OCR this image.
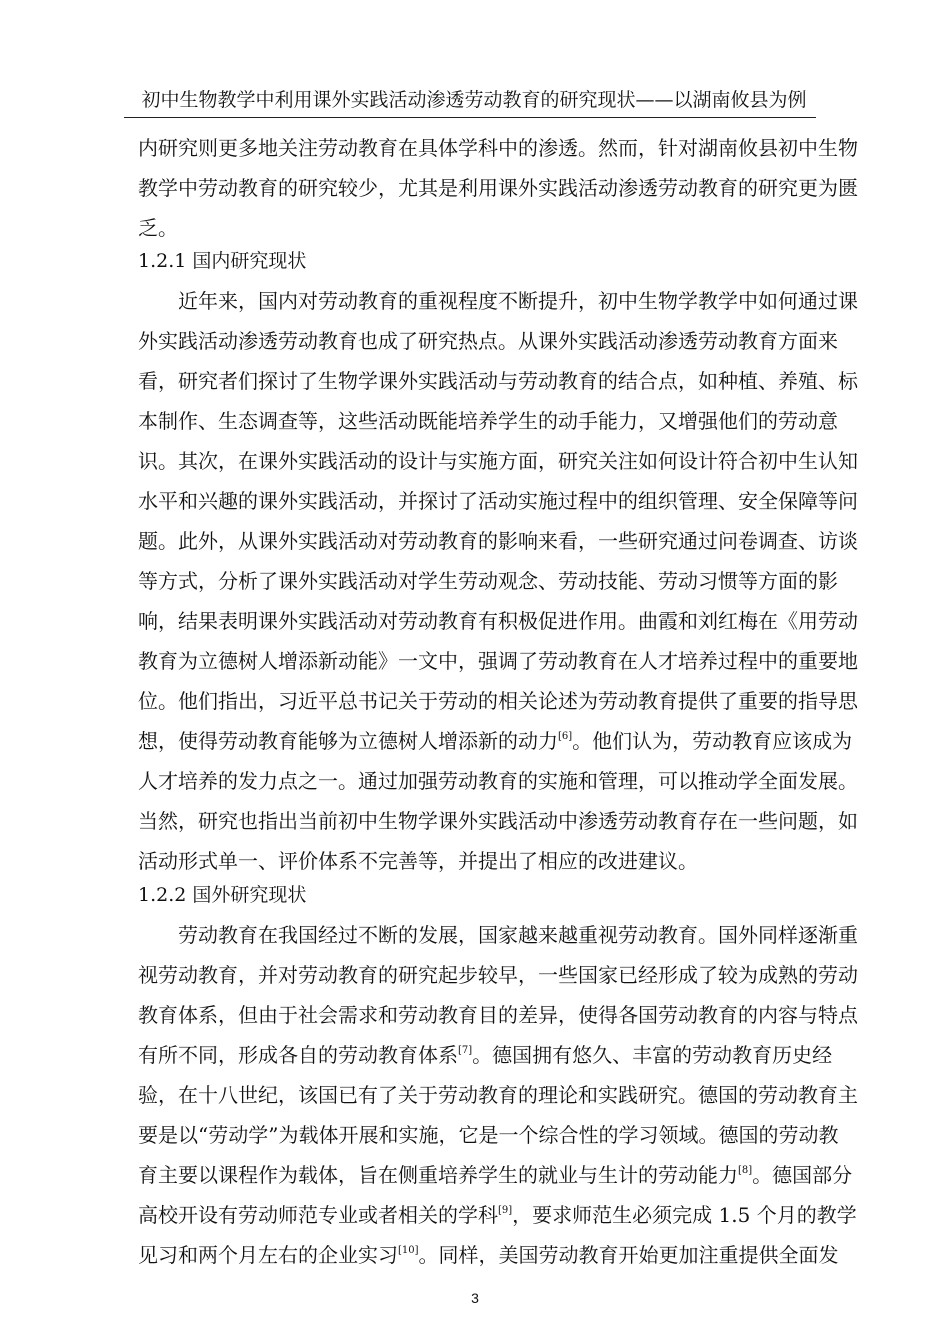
初中生物教学中利用课外实践活动渗透劳动教育的研究现状——以湖南攸县为例
内研究则更多地关注劳动教育在具体学科中的渗透。然而，针对湖南攸县初中生物
教学中劳动教育的研究较少，尤其是利用课外实践活动渗透劳动教育的研究更为匮
乏。
1.2.1 国内研究现状
近年来，国内对劳动教育的重视程度不断提升，初中生物学教学中如何通过课
外实践活动渗透劳动教育也成了研究热点。从课外实践活动渗透劳动教育方面来
看，研究者们探讨了生物学课外实践活动与劳动教育的结合点，如种植、养殖、标
本制作、生态调查等，这些活动既能培养学生的动手能力，又增强他们的劳动意
识。其次，在课外实践活动的设计与实施方面，研究关注如何设计符合初中生认知
水平和兴趣的课外实践活动，并探讨了活动实施过程中的组织管理、安全保障等问
题。此外，从课外实践活动对劳动教育的影响来看，一些研究通过问卷调查、访谈
等方式，分析了课外实践活动对学生劳动观念、劳动技能、劳动习惯等方面的影
响，结果表明课外实践活动对劳动教育有积极促进作用。曲霞和刘红梅在《用劳动
教育为立德树人增添新动能》一文中，强调了劳动教育在人才培养过程中的重要地
位。他们指出，习近平总书记关于劳动的相关论述为劳动教育提供了重要的指导思
想，使得劳动教育能够为立德树人增添新的动力[6]。他们认为，劳动教育应该成为
人才培养的发力点之一。通过加强劳动教育的实施和管理，可以推动学全面发展。
当然，研究也指出当前初中生物学课外实践活动中渗透劳动教育存在一些问题，如
活动形式单一、评价体系不完善等，并提出了相应的改进建议。
1.2.2 国外研究现状
劳动教育在我国经过不断的发展，国家越来越重视劳动教育。国外同样逐渐重
视劳动教育，并对劳动教育的研究起步较早，一些国家已经形成了较为成熟的劳动
教育体系，但由于社会需求和劳动教育目的差异，使得各国劳动教育的内容与特点
有所不同，形成各自的劳动教育体系[7]。德国拥有悠久、丰富的劳动教育历史经
验，在十八世纪，该国已有了关于劳动教育的理论和实践研究。德国的劳动教育主
要是以“劳动学”为载体开展和实施，它是一个综合性的学习领域。德国的劳动教
育主要以课程作为载体，旨在侧重培养学生的就业与生计的劳动能力[8]。德国部分
高校开设有劳动师范专业或者相关的学科[9]，要求师范生必须完成 1.5 个月的教学
见习和两个月左右的企业实习[10]。同样，美国劳动教育开始更加注重提供全面发
3
